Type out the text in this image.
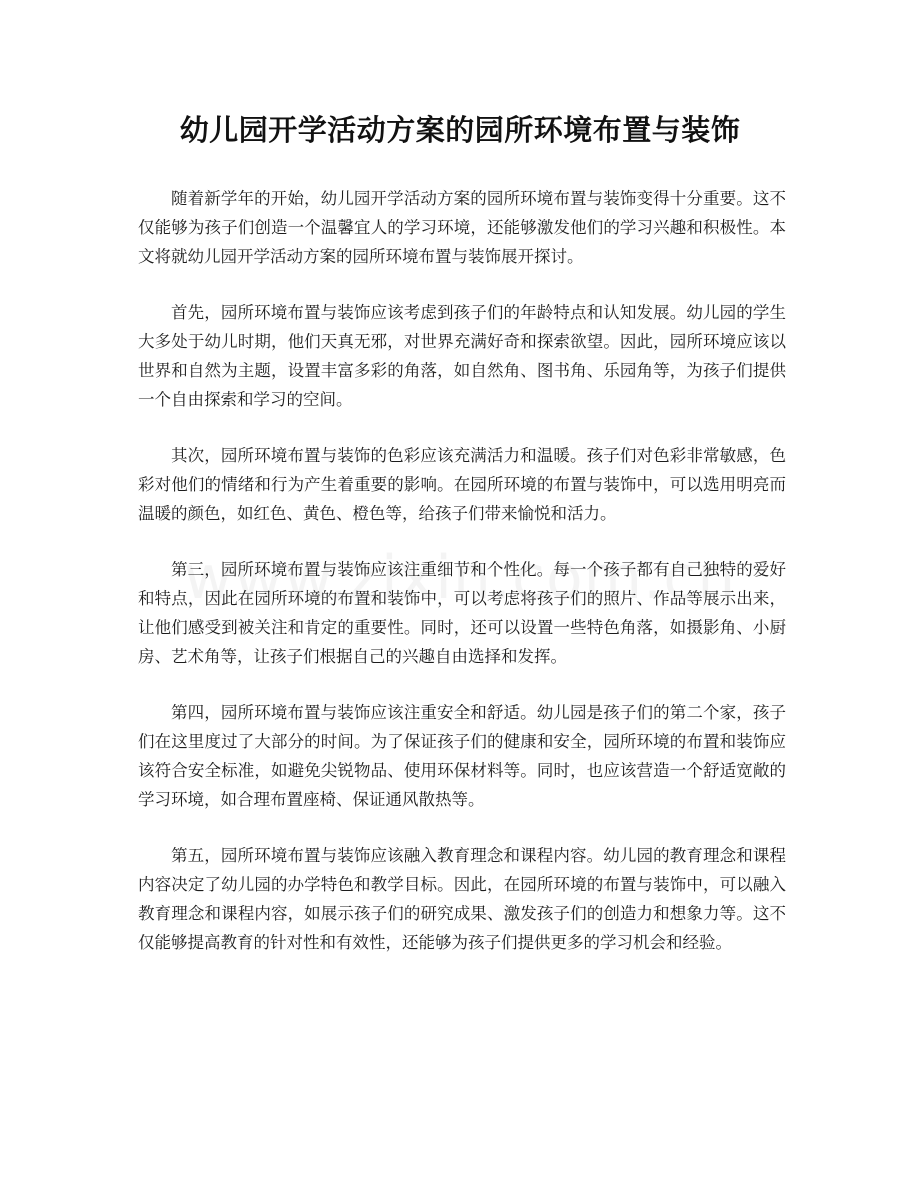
幼儿园开学活动方案的园所环境布置与装饰

随着新学年的开始，幼儿园开学活动方案的园所环境布置与装饰变得十分重要。这不仅能够为孩子们创造一个温馨宜人的学习环境，还能够激发他们的学习兴趣和积极性。本文将就幼儿园开学活动方案的园所环境布置与装饰展开探讨。

首先，园所环境布置与装饰应该考虑到孩子们的年龄特点和认知发展。幼儿园的学生大多处于幼儿时期，他们天真无邪，对世界充满好奇和探索欲望。因此，园所环境应该以世界和自然为主题，设置丰富多彩的角落，如自然角、图书角、乐园角等，为孩子们提供一个自由探索和学习的空间。

其次，园所环境布置与装饰的色彩应该充满活力和温暖。孩子们对色彩非常敏感，色彩对他们的情绪和行为产生着重要的影响。在园所环境的布置与装饰中，可以选用明亮而温暖的颜色，如红色、黄色、橙色等，给孩子们带来愉悦和活力。

第三，园所环境布置与装饰应该注重细节和个性化。每一个孩子都有自己独特的爱好和特点，因此在园所环境的布置和装饰中，可以考虑将孩子们的照片、作品等展示出来，让他们感受到被关注和肯定的重要性。同时，还可以设置一些特色角落，如摄影角、小厨房、艺术角等，让孩子们根据自己的兴趣自由选择和发挥。

第四，园所环境布置与装饰应该注重安全和舒适。幼儿园是孩子们的第二个家，孩子们在这里度过了大部分的时间。为了保证孩子们的健康和安全，园所环境的布置和装饰应该符合安全标准，如避免尖锐物品、使用环保材料等。同时，也应该营造一个舒适宽敞的学习环境，如合理布置座椅、保证通风散热等。

第五，园所环境布置与装饰应该融入教育理念和课程内容。幼儿园的教育理念和课程内容决定了幼儿园的办学特色和教学目标。因此，在园所环境的布置与装饰中，可以融入教育理念和课程内容，如展示孩子们的研究成果、激发孩子们的创造力和想象力等。这不仅能够提高教育的针对性和有效性，还能够为孩子们提供更多的学习机会和经验。
